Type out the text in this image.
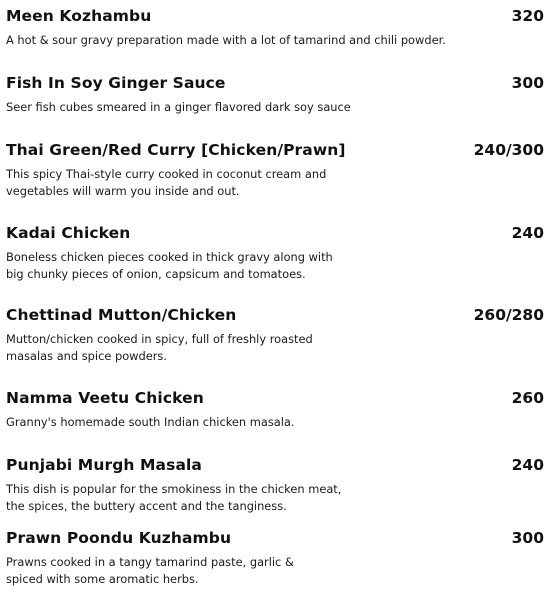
Meen Kozhambu	320
A hot & sour gravy preparation made with a lot of tamarind and chili powder.
Fish In Soy Ginger Sauce	300
Seer fish cubes smeared in a ginger flavored dark soy sauce
Thai Green/Red Curry [Chicken/Prawn]	240/300
This spicy Thai-style curry cooked in coconut cream and
vegetables will warm you inside and out.
Kadai Chicken	240
Boneless chicken pieces cooked in thick gravy along with
big chunky pieces of onion, capsicum and tomatoes.
Chettinad Mutton/Chicken	260/280
Mutton/chicken cooked in spicy, full of freshly roasted
masalas and spice powders.
Namma Veetu Chicken	260
Granny's homemade south Indian chicken masala.
Punjabi Murgh Masala	240
This dish is popular for the smokiness in the chicken meat,
the spices, the buttery accent and the tanginess.
Prawn Poondu Kuzhambu	300
Prawns cooked in a tangy tamarind paste, garlic &
spiced with some aromatic herbs.
